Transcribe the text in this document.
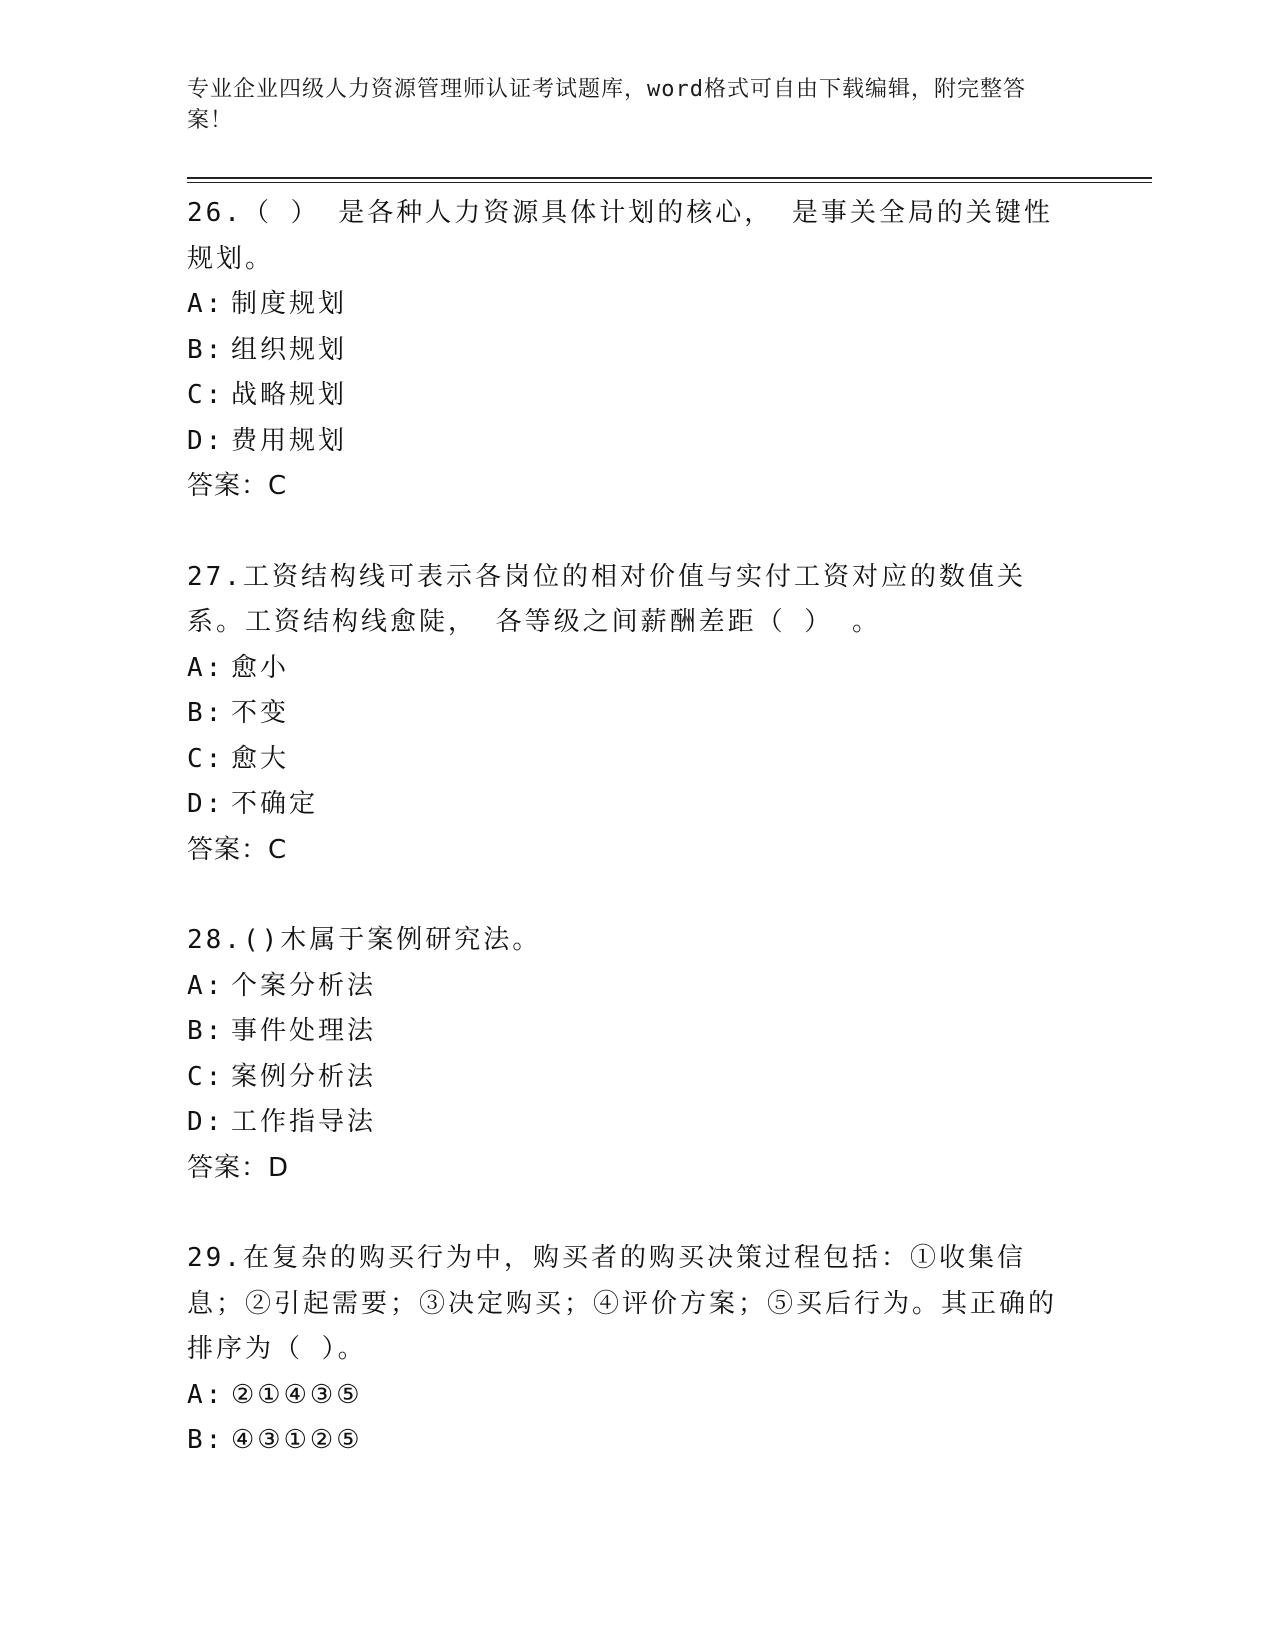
专业企业四级人力资源管理师认证考试题库，word格式可自由下载编辑，附完整答案！

26.（ ） 是各种人力资源具体计划的核心， 是事关全局的关键性规划。

A: 制度规划

B: 组织规划

C: 战略规划

D: 费用规划

答案：C

27.工资结构线可表示各岗位的相对价值与实付工资对应的数值关系。工资结构线愈陡， 各等级之间薪酬差距（ ） 。

A: 愈小

B: 不变

C: 愈大

D: 不确定

答案：C

28.()木属于案例研究法。

A: 个案分析法

B: 事件处理法

C: 案例分析法

D: 工作指导法

答案：D

29.在复杂的购买行为中，购买者的购买决策过程包括：①收集信息；②引起需要；③决定购买；④评价方案；⑤买后行为。其正确的排序为（ ）。

A: ②①④③⑤

B: ④③①②⑤
